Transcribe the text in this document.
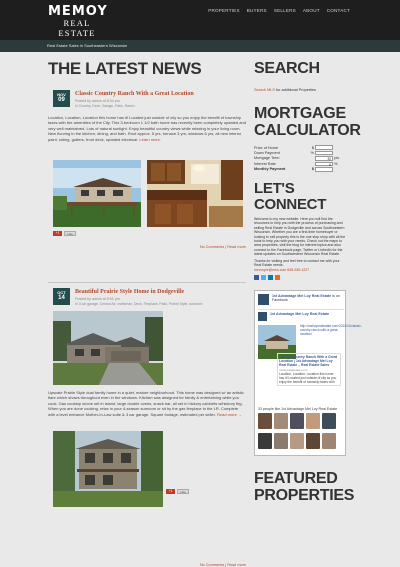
MEMOY
REAL ESTATE
PROPERTIES BUYERS SELLERS ABOUT CONTACT
Real Estate Sales in Southeastern Wisconsin
THE LATEST NEWS
NOV
09
Classic Country Ranch With a Great Location
Posted by admin at 8:04 pm
In Country, Deck, Garage, Patio, Ranch
Location, Location, Location this home has it! Located just outside of city so you enjoy the benefit of township taxes with the amenities of the City. This 3-bedroom 1 1/2 bath home has recently been completely updated and very well maintained. Lots of natural sunlight. Enjoy beautiful country views while relaxing in your living room. New flooring in the kitchen, dining, and bath. Roof approx. 5 yrs, furnace 3 yrs, windows 6 yrs, all new interior paint, siding, gutters, front deck, updated electrical. Learn more.
+1	Like
No Comments | Read more
OCT
14
Beautiful Prairie Style Home in Dodgeville
Posted by admin at 9:01 pm
In 3 car garage, Central Air, craftsman, Deck, Fireplace, Patio, Prairie Style, sunroom
Upscale Prairie Style dual family home in a quiet, mature neighborhood. This home was designed w/ an artistic flare which shows throughout even in the windows. Kitchen was designed for family & entertaining while you cook. Gas cooktop w/one set in island, large double ovens, snack bar, all set in hickory cabinets w/hickory flrg. When you are done cooking, relax in your 4-season sunroom or sit by the gas fireplace in the LR. Complete with a level entrance Mother-In-Law suite & 3 car garage. Square footage, estimated per seller. Read more →
+1	Like
No Comments | Read more
SEARCH
Search MLS for additional Properties
MORTGAGE
CALCULATOR
Price of Home	$
Down Payment	%
Mortgage Term	30 yrs
Interest Rate	6 %
Monthly Payment	$
LET'S CONNECT
Welcome to my new website. Here you will find the resources to help you with the process of purchasing and selling Real Estate in Dodgeville and across Southwestern Wisconsin. Whether you are a first-time homebuyer or looking to sell property this is the one stop shop with all the tools to help you with your needs. Check out the maps to area properties, visit the blog for interest topics and also connect to the Facebook page, Twitter or LinkedIn for the latest updates on Southwestern Wisconsin Real Estate.
Thanks for visiting and feel free to contact me with your Real Estate needs.
memoyre@msn.com 608-935-1227
1st Advantage Mel Loy Real Estate is on Facebook
1st Advantage Mel Loy Real Estate
http://melloyrealestate.com/2012/11/classic-country-ranch-with-a-great-location/
Classic Country Ranch With a Great Location | 1st Advantage Mel Loy Real Estate – Real Estate Sales
melloyrealestate.com
Location, Location, Location this home has it! Located just outside of city so you enjoy the benefit of township taxes with
33 people like 1st Advantage Mel Loy Real Estate
FEATURED
PROPERTIES
